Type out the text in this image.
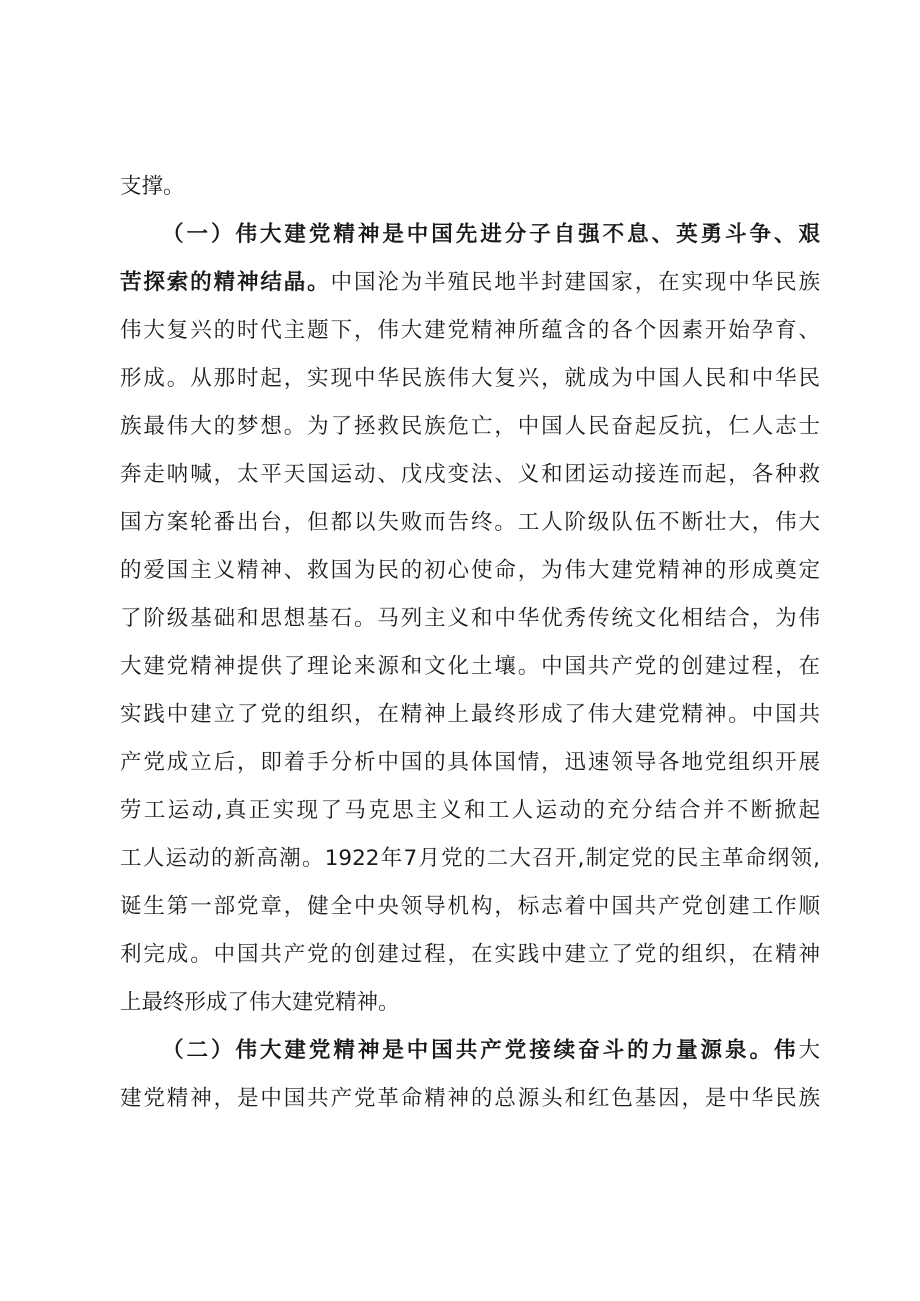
支撑。
（一）伟大建党精神是中国先进分子自强不息、英勇斗争、艰
苦探索的精神结晶。中国沦为半殖民地半封建国家，在实现中华民族
伟大复兴的时代主题下，伟大建党精神所蕴含的各个因素开始孕育、
形成。从那时起，实现中华民族伟大复兴，就成为中国人民和中华民
族最伟大的梦想。为了拯救民族危亡，中国人民奋起反抗，仁人志士
奔走呐喊，太平天国运动、戊戌变法、义和团运动接连而起，各种救
国方案轮番出台，但都以失败而告终。工人阶级队伍不断壮大，伟大
的爱国主义精神、救国为民的初心使命，为伟大建党精神的形成奠定
了阶级基础和思想基石。马列主义和中华优秀传统文化相结合，为伟
大建党精神提供了理论来源和文化土壤。中国共产党的创建过程，在
实践中建立了党的组织，在精神上最终形成了伟大建党精神。中国共
产党成立后，即着手分析中国的具体国情，迅速领导各地党组织开展
劳工运动,真正实现了马克思主义和工人运动的充分结合并不断掀起
工人运动的新高潮。1922年7月党的二大召开,制定党的民主革命纲领,
诞生第一部党章，健全中央领导机构，标志着中国共产党创建工作顺
利完成。中国共产党的创建过程，在实践中建立了党的组织，在精神
上最终形成了伟大建党精神。
（二）伟大建党精神是中国共产党接续奋斗的力量源泉。伟大
建党精神，是中国共产党革命精神的总源头和红色基因，是中华民族
